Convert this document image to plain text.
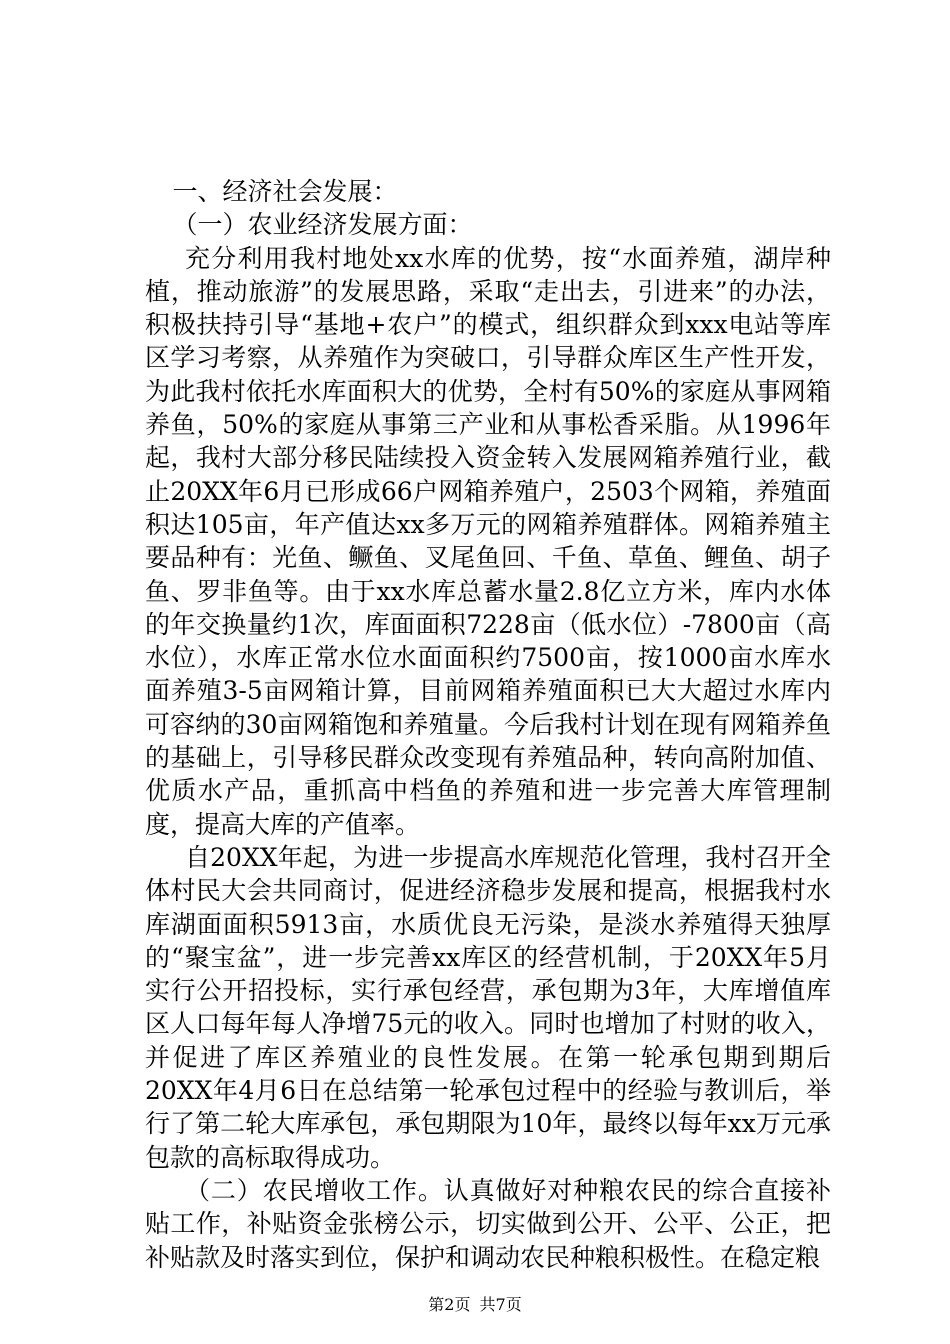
一、经济社会发展：

（一）农业经济发展方面：

充分利用我村地处xx水库的优势，按“水面养殖，湖岸种植，推动旅游”的发展思路，采取“走出去，引进来”的办法，积极扶持引导“基地+农户”的模式，组织群众到xxx电站等库区学习考察，从养殖作为突破口，引导群众库区生产性开发，为此我村依托水库面积大的优势，全村有50%的家庭从事网箱养鱼，50%的家庭从事第三产业和从事松香采脂。从1996年起，我村大部分移民陆续投入资金转入发展网箱养殖行业，截止20XX年6月已形成66户网箱养殖户，2503个网箱，养殖面积达105亩，年产值达xx多万元的网箱养殖群体。网箱养殖主要品种有：光鱼、鳜鱼、叉尾鱼回、千鱼、草鱼、鲤鱼、胡子鱼、罗非鱼等。由于xx水库总蓄水量2.8亿立方米，库内水体的年交换量约1次，库面面积7228亩（低水位）-7800亩（高水位），水库正常水位水面面积约7500亩，按1000亩水库水面养殖3-5亩网箱计算，目前网箱养殖面积已大大超过水库内可容纳的30亩网箱饱和养殖量。今后我村计划在现有网箱养鱼的基础上，引导移民群众改变现有养殖品种，转向高附加值、优质水产品，重抓高中档鱼的养殖和进一步完善大库管理制度，提高大库的产值率。

自20XX年起，为进一步提高水库规范化管理，我村召开全体村民大会共同商讨，促进经济稳步发展和提高，根据我村水库湖面面积5913亩，水质优良无污染，是淡水养殖得天独厚的“聚宝盆”，进一步完善xx库区的经营机制，于20XX年5月实行公开招投标，实行承包经营，承包期为3年，大库增值库区人口每年每人净增75元的收入。同时也增加了村财的收入，并促进了库区养殖业的良性发展。在第一轮承包期到期后20XX年4月6日在总结第一轮承包过程中的经验与教训后，举行了第二轮大库承包，承包期限为10年，最终以每年xx万元承包款的高标取得成功。

（二）农民增收工作。认真做好对种粮农民的综合直接补贴工作，补贴资金张榜公示，切实做到公开、公平、公正，把补贴款及时落实到位，保护和调动农民种粮积极性。在稳定粮

第2页 共7页
